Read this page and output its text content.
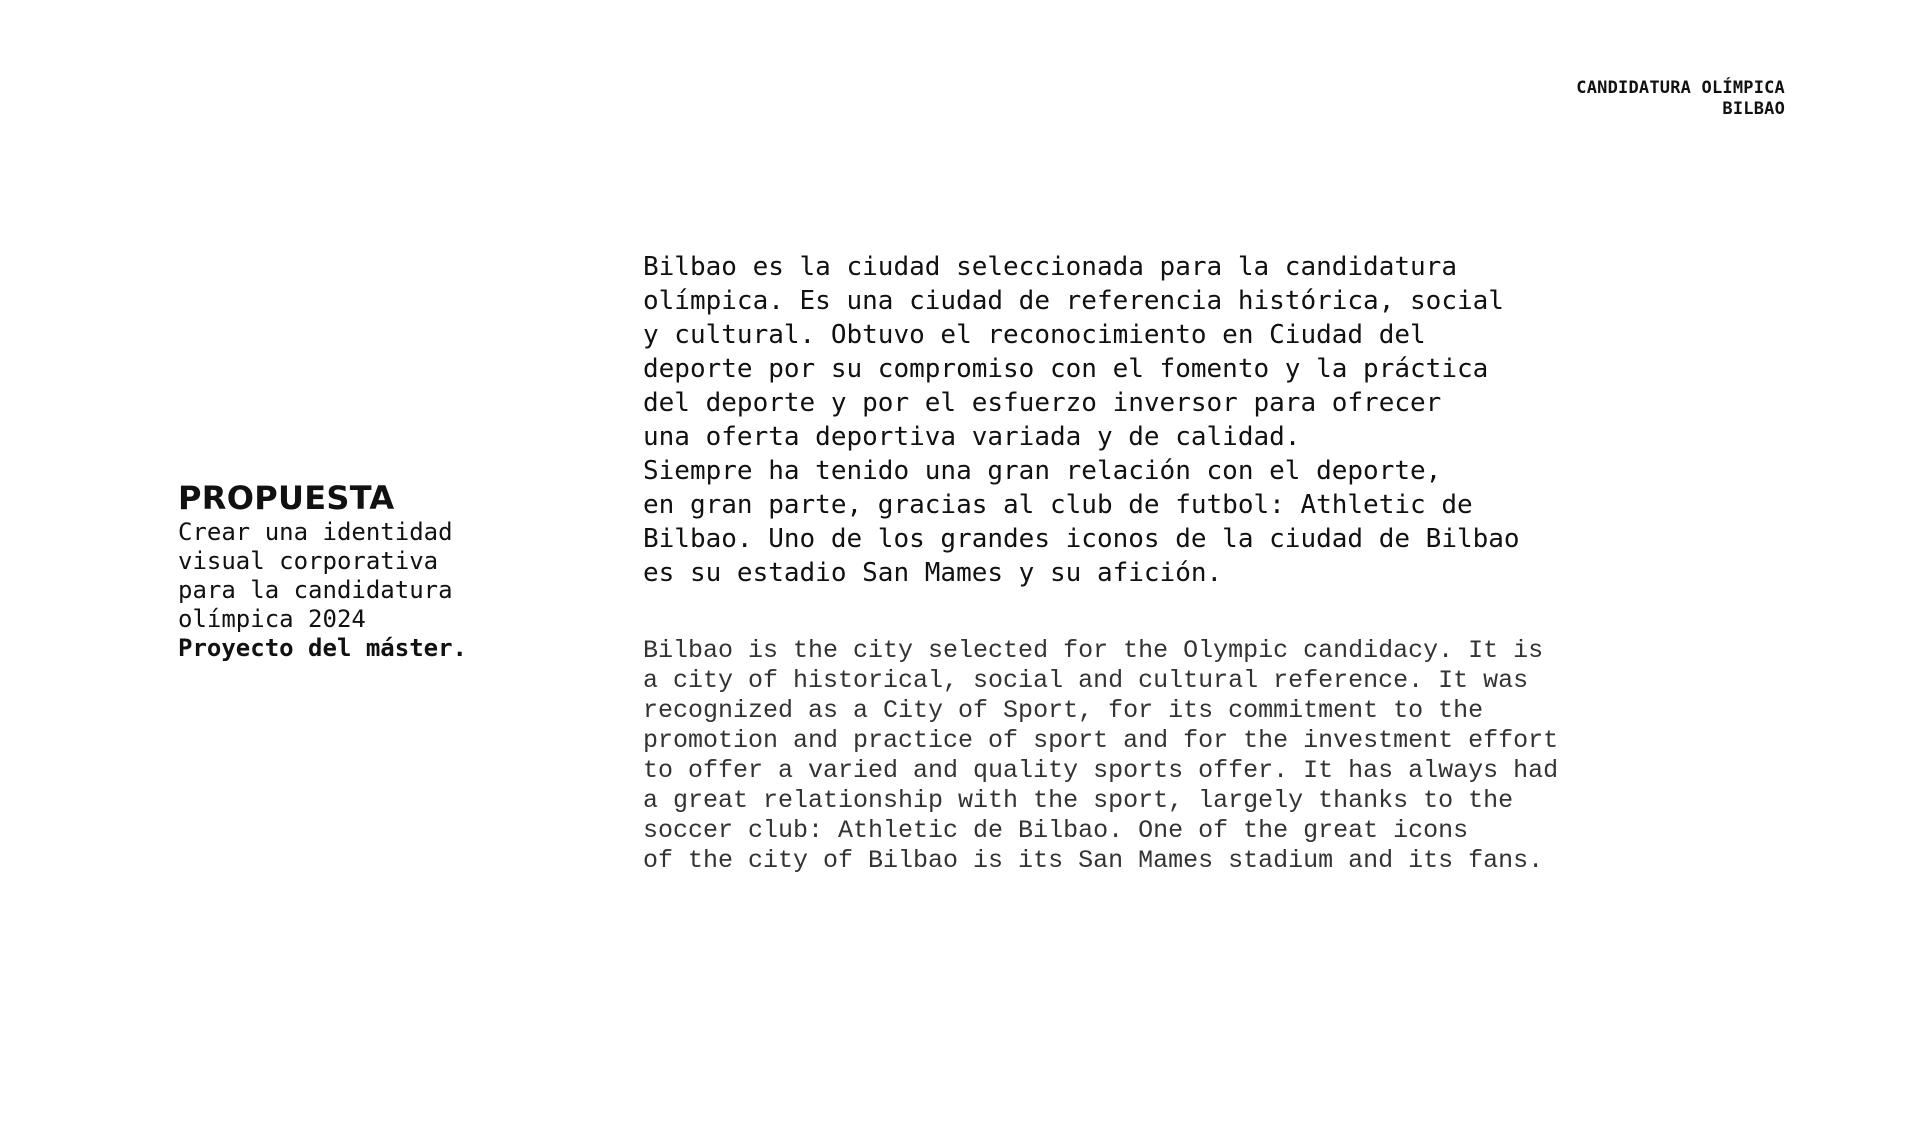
CANDIDATURA OLÍMPICA
BILBAO
PROPUESTA
Crear una identidad
visual corporativa
para la candidatura
olímpica 2024
Proyecto del máster.
Bilbao es la ciudad seleccionada para la candidatura
olímpica. Es una ciudad de referencia histórica, social
y cultural. Obtuvo el reconocimiento en Ciudad del
deporte por su compromiso con el fomento y la práctica
del deporte y por el esfuerzo inversor para ofrecer
una oferta deportiva variada y de calidad.
Siempre ha tenido una gran relación con el deporte,
en gran parte, gracias al club de futbol: Athletic de
Bilbao. Uno de los grandes iconos de la ciudad de Bilbao
es su estadio San Mames y su afición.
Bilbao is the city selected for the Olympic candidacy. It is
a city of historical, social and cultural reference. It was
recognized as a City of Sport, for its commitment to the
promotion and practice of sport and for the investment effort
to offer a varied and quality sports offer. It has always had
a great relationship with the sport, largely thanks to the
soccer club: Athletic de Bilbao. One of the great icons
of the city of Bilbao is its San Mames stadium and its fans.
